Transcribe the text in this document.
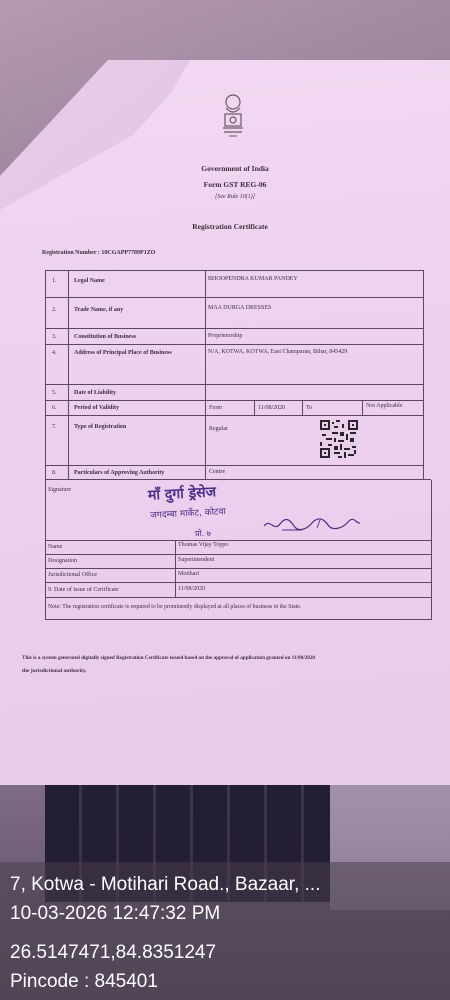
Government of India
Form GST REG-06
[See Rule 10(1)]
Registration Certificate
Registration Number : 10CGAPP7789P1ZO
1.	Legal Name	BHOOPENDRA KUMAR PANDEY
2.	Trade Name, if any	MAA DURGA DRESSES
3.	Constitution of Business	Proprietorship
4.	Address of Principal Place of Business	N/A, KOTWA, KOTWA, East Champaran, Bihar, 845429
5.	Date of Liability
6.	Period of Validity	From	11/08/2020	To	Not Applicable
7.	Type of Registration	Regular
8.	Particulars of Approving Authority	Centre
Signature	माँ दुर्गा ड्रेसेज
जगदम्बा मार्केट, कोटवा
प्रो. ७
Name	Thomas Vijay Toppo
Designation	Superintendent
Jurisdictional Office	Motihari
9. Date of issue of Certificate	11/08/2020
Note: The registration certificate is required to be prominently displayed at all places of business in the State.
This is a system generated digitally signed Registration Certificate issued based on the approval of application granted on 11/08/2020
the jurisdictional authority.
7, Kotwa - Motihari Road., Bazaar, ...
10-03-2026 12:47:32 PM
26.5147471,84.8351247
Pincode : 845401
